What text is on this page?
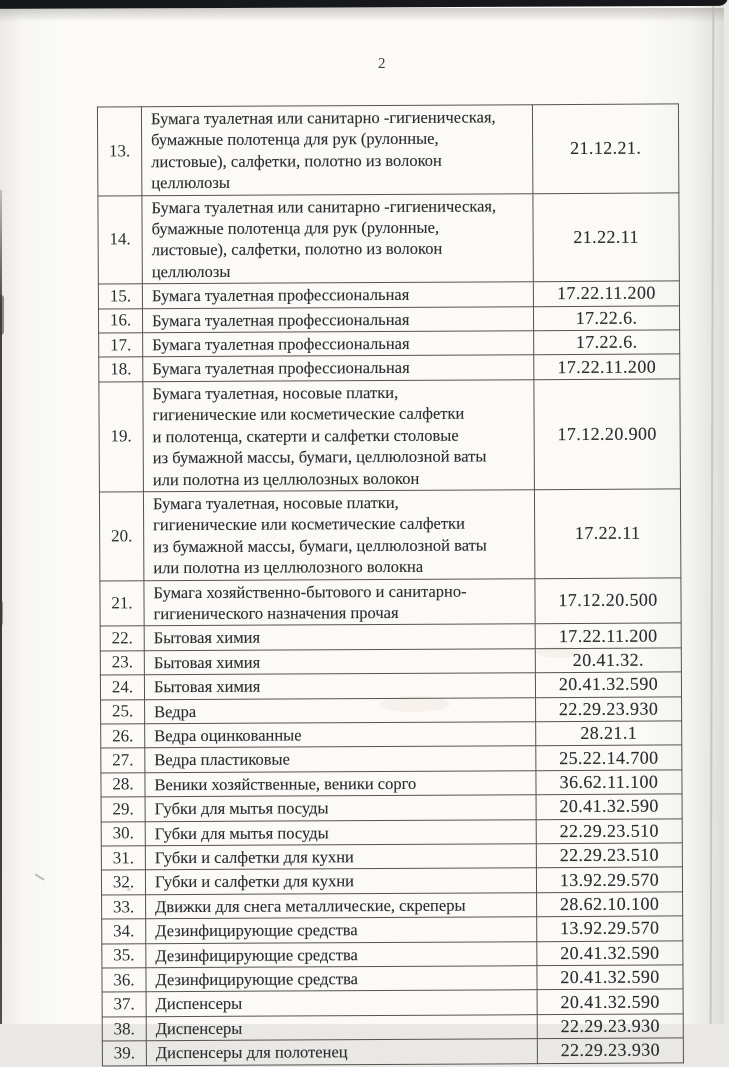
2
13.	Бумага туалетная или санитарно -гигиеническая,
бумажные полотенца для рук (рулонные,
листовые), салфетки, полотно из волокон
целлюлозы	21.12.21.
14.	Бумага туалетная или санитарно -гигиеническая,
бумажные полотенца для рук (рулонные,
листовые), салфетки, полотно из волокон
целлюлозы	21.22.11
15.	Бумага туалетная профессиональная	17.22.11.200
16.	Бумага туалетная профессиональная	17.22.6.
17.	Бумага туалетная профессиональная	17.22.6.
18.	Бумага туалетная профессиональная	17.22.11.200
19.	Бумага туалетная, носовые платки,
гигиенические или косметические салфетки
и полотенца, скатерти и салфетки столовые
из бумажной массы, бумаги, целлюлозной ваты
или полотна из целлюлозных волокон	17.12.20.900
20.	Бумага туалетная, носовые платки,
гигиенические или косметические салфетки
из бумажной массы, бумаги, целлюлозной ваты
или полотна из целлюлозного волокна	17.22.11
21.	Бумага хозяйственно-бытового и санитарно-
гигиенического назначения прочая	17.12.20.500
22.	Бытовая химия	17.22.11.200
23.	Бытовая химия	20.41.32.
24.	Бытовая химия	20.41.32.590
25.	Ведра	22.29.23.930
26.	Ведра оцинкованные	28.21.1
27.	Ведра пластиковые	25.22.14.700
28.	Веники хозяйственные, веники сорго	36.62.11.100
29.	Губки для мытья посуды	20.41.32.590
30.	Губки для мытья посуды	22.29.23.510
31.	Губки и салфетки для кухни	22.29.23.510
32.	Губки и салфетки для кухни	13.92.29.570
33.	Движки для снега металлические, скреперы	28.62.10.100
34.	Дезинфицирующие средства	13.92.29.570
35.	Дезинфицирующие средства	20.41.32.590
36.	Дезинфицирующие средства	20.41.32.590
37.	Диспенсеры	20.41.32.590
38.	Диспенсеры	22.29.23.930
39.	Диспенсеры для полотенец	22.29.23.930
